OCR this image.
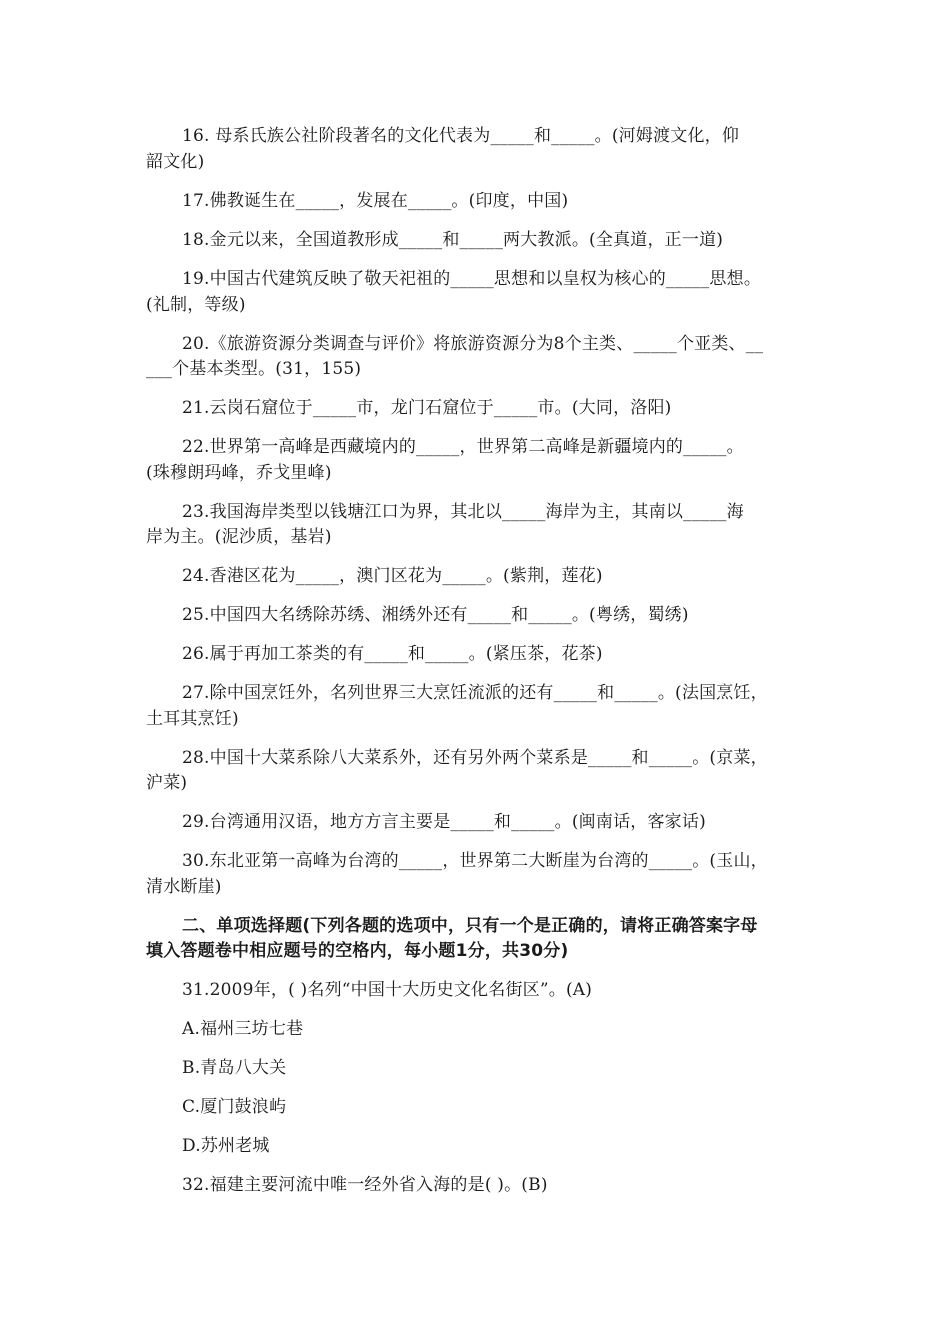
16. 母系氏族公社阶段著名的文化代表为_____和_____。(河姆渡文化，仰
韶文化)
17.佛教诞生在_____，发展在_____。(印度，中国)
18.金元以来，全国道教形成_____和_____两大教派。(全真道，正一道)
19.中国古代建筑反映了敬天祀祖的_____思想和以皇权为核心的_____思想。
(礼制，等级)
20.《旅游资源分类调查与评价》将旅游资源分为8个主类、_____个亚类、__
___个基本类型。(31，155)
21.云岗石窟位于_____市，龙门石窟位于_____市。(大同，洛阳)
22.世界第一高峰是西藏境内的_____，世界第二高峰是新疆境内的_____。
(珠穆朗玛峰，乔戈里峰)
23.我国海岸类型以钱塘江口为界，其北以_____海岸为主，其南以_____海
岸为主。(泥沙质，基岩)
24.香港区花为_____，澳门区花为_____。(紫荆，莲花)
25.中国四大名绣除苏绣、湘绣外还有_____和_____。(粤绣，蜀绣)
26.属于再加工茶类的有_____和_____。(紧压茶，花茶)
27.除中国烹饪外，名列世界三大烹饪流派的还有_____和_____。(法国烹饪，
土耳其烹饪)
28.中国十大菜系除八大菜系外，还有另外两个菜系是_____和_____。(京菜，
沪菜)
29.台湾通用汉语，地方方言主要是_____和_____。(闽南话，客家话)
30.东北亚第一高峰为台湾的_____，世界第二大断崖为台湾的_____。(玉山，
清水断崖)
二、单项选择题(下列各题的选项中，只有一个是正确的，请将正确答案字母
填入答题卷中相应题号的空格内，每小题1分，共30分)
31.2009年，( )名列“中国十大历史文化名街区”。(A)
A.福州三坊七巷
B.青岛八大关
C.厦门鼓浪屿
D.苏州老城
32.福建主要河流中唯一经外省入海的是( )。(B)
